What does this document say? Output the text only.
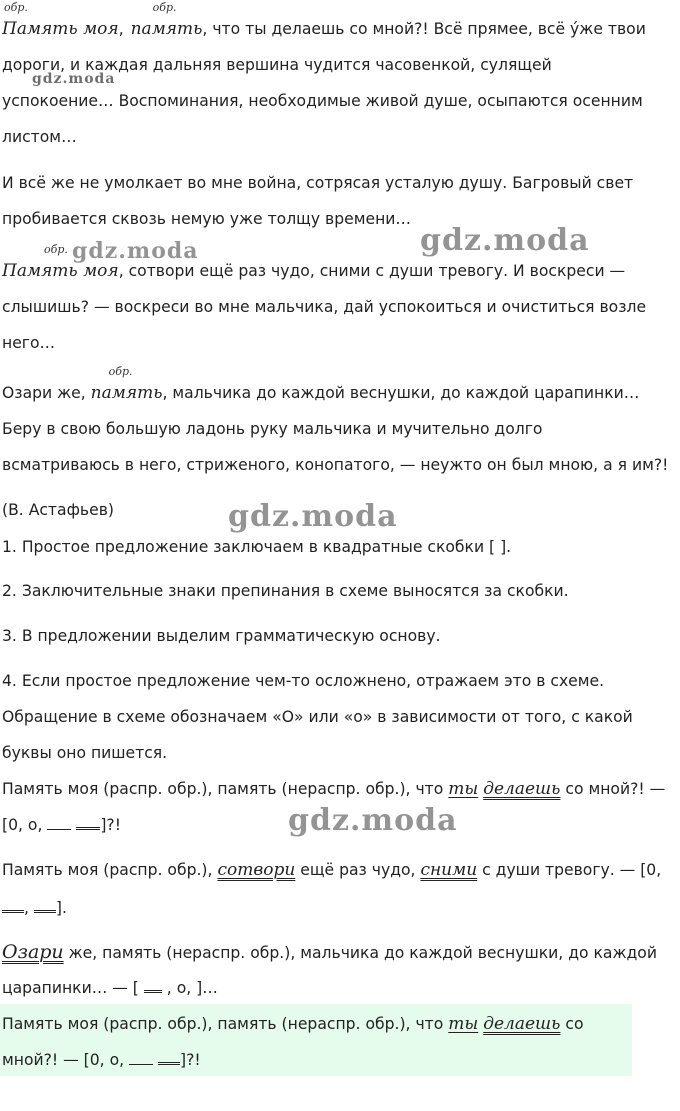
обр.
Память моя,
обр.
память, что ты делаешь со мной?! Всё прямее, всё у́же твои

дороги, и каждая дальняя вершина чудится часовенкой, сулящей

успокоение… Воспоминания, необходимые живой душе, осыпаются осенним

листом…

И всё же не умолкает во мне война, сотрясая усталую душу. Багровый свет

пробивается сквозь немую уже толщу времени…

обр.
Память моя, сотвори ещё раз чудо, сними с души тревогу. И воскреси —

слышишь? — воскреси во мне мальчика, дай успокоиться и очиститься возле

него…

Озари же,
обр.
память, мальчика до каждой веснушки, до каждой царапинки…

Беру в свою большую ладонь руку мальчика и мучительно долго

всматриваюсь в него, стриженого, конопатого, — неужто он был мною, а я им?!

(В. Астафьев)

1. Простое предложение заключаем в квадратные скобки [ ].

2. Заключительные знаки препинания в схеме выносятся за скобки.

3. В предложении выделим грамматическую основу.

4. Если простое предложение чем-то осложнено, отражаем это в схеме.

Обращение в схеме обозначаем «О» или «о» в зависимости от того, с какой

буквы оно пишется.

Память моя (распр. обр.), память (нераспр. обр.), что ты делаешь со мной?! —

[0, о,	]?!

Память моя (распр. обр.), сотвори ещё раз чудо, сними с души тревогу. — [0,

, ].

Озари же, память (нераспр. обр.), мальчика до каждой веснушки, до каждой

царапинки… — [  , о, ]…

Память моя (распр. обр.), память (нераспр. обр.), что ты делаешь со

мной?! — [0, о,	]?!

gdz.moda
gdz.moda	gdz.moda
gdz.moda
gdz.moda
